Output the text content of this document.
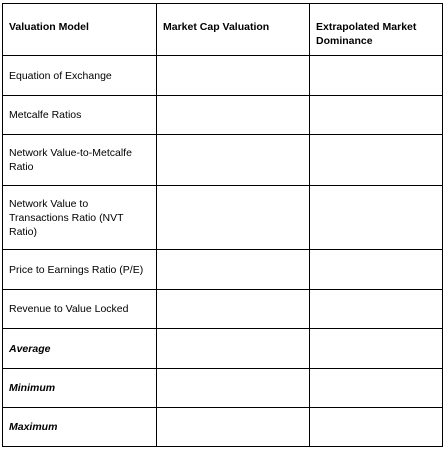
Valuation Model	Market Cap Valuation	Extrapolated Market Dominance
Equation of Exchange		
Metcalfe Ratios		
Network Value-to-Metcalfe Ratio		
Network Value to Transactions Ratio (NVT Ratio)		
Price to Earnings Ratio (P/E)		
Revenue to Value Locked		
Average		
Minimum		
Maximum		
